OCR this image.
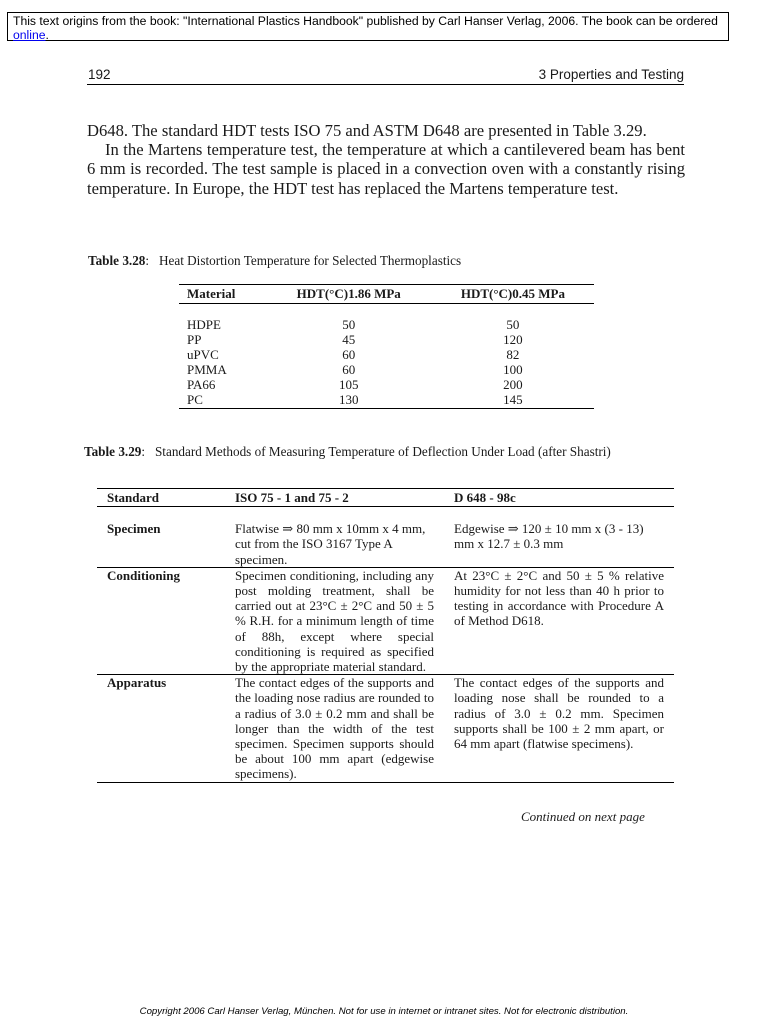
This text origins from the book: "International Plastics Handbook" published by Carl Hanser Verlag, 2006. The book can be ordered online.
192	3 Properties and Testing

D648. The standard HDT tests ISO 75 and ASTM D648 are presented in Table 3.29.

In the Martens temperature test, the temperature at which a cantilevered beam has bent 6 mm is recorded. The test sample is placed in a convection oven with a constantly rising temperature. In Europe, the HDT test has replaced the Martens temperature test.

Table 3.28: Heat Distortion Temperature for Selected Thermoplastics

Material	HDT(°C)1.86 MPa	HDT(°C)0.45 MPa

HDPE	50	50
PP	45	120
uPVC	60	82
PMMA	60	100
PA66	105	200
PC	130	145

Table 3.29: Standard Methods of Measuring Temperature of Deflection Under Load (after Shastri)

Standard	ISO 75 - 1 and 75 - 2	D 648 - 98c

Specimen	Flatwise ⇒ 80 mm x 10mm x 4 mm, cut from the ISO 3167 Type A specimen.	Edgewise ⇒ 120 ± 10 mm x (3 - 13) mm x 12.7 ± 0.3 mm
Conditioning	Specimen conditioning, including any post molding treatment, shall be carried out at 23°C ± 2°C and 50 ± 5 % R.H. for a minimum length of time of 88h, except where special conditioning is required as specified by the appropriate material standard.	At 23°C ± 2°C and 50 ± 5 % relative humidity for not less than 40 h prior to testing in accordance with Procedure A of Method D618.
Apparatus	The contact edges of the supports and the loading nose radius are rounded to a radius of 3.0 ± 0.2 mm and shall be longer than the width of the test specimen. Specimen supports should be about 100 mm apart (edgewise specimens).	The contact edges of the supports and loading nose shall be rounded to a radius of 3.0 ± 0.2 mm. Specimen supports shall be 100 ± 2 mm apart, or 64 mm apart (flatwise specimens).
Continued on next page
Copyright 2006 Carl Hanser Verlag, München. Not for use in internet or intranet sites. Not for electronic distribution.
